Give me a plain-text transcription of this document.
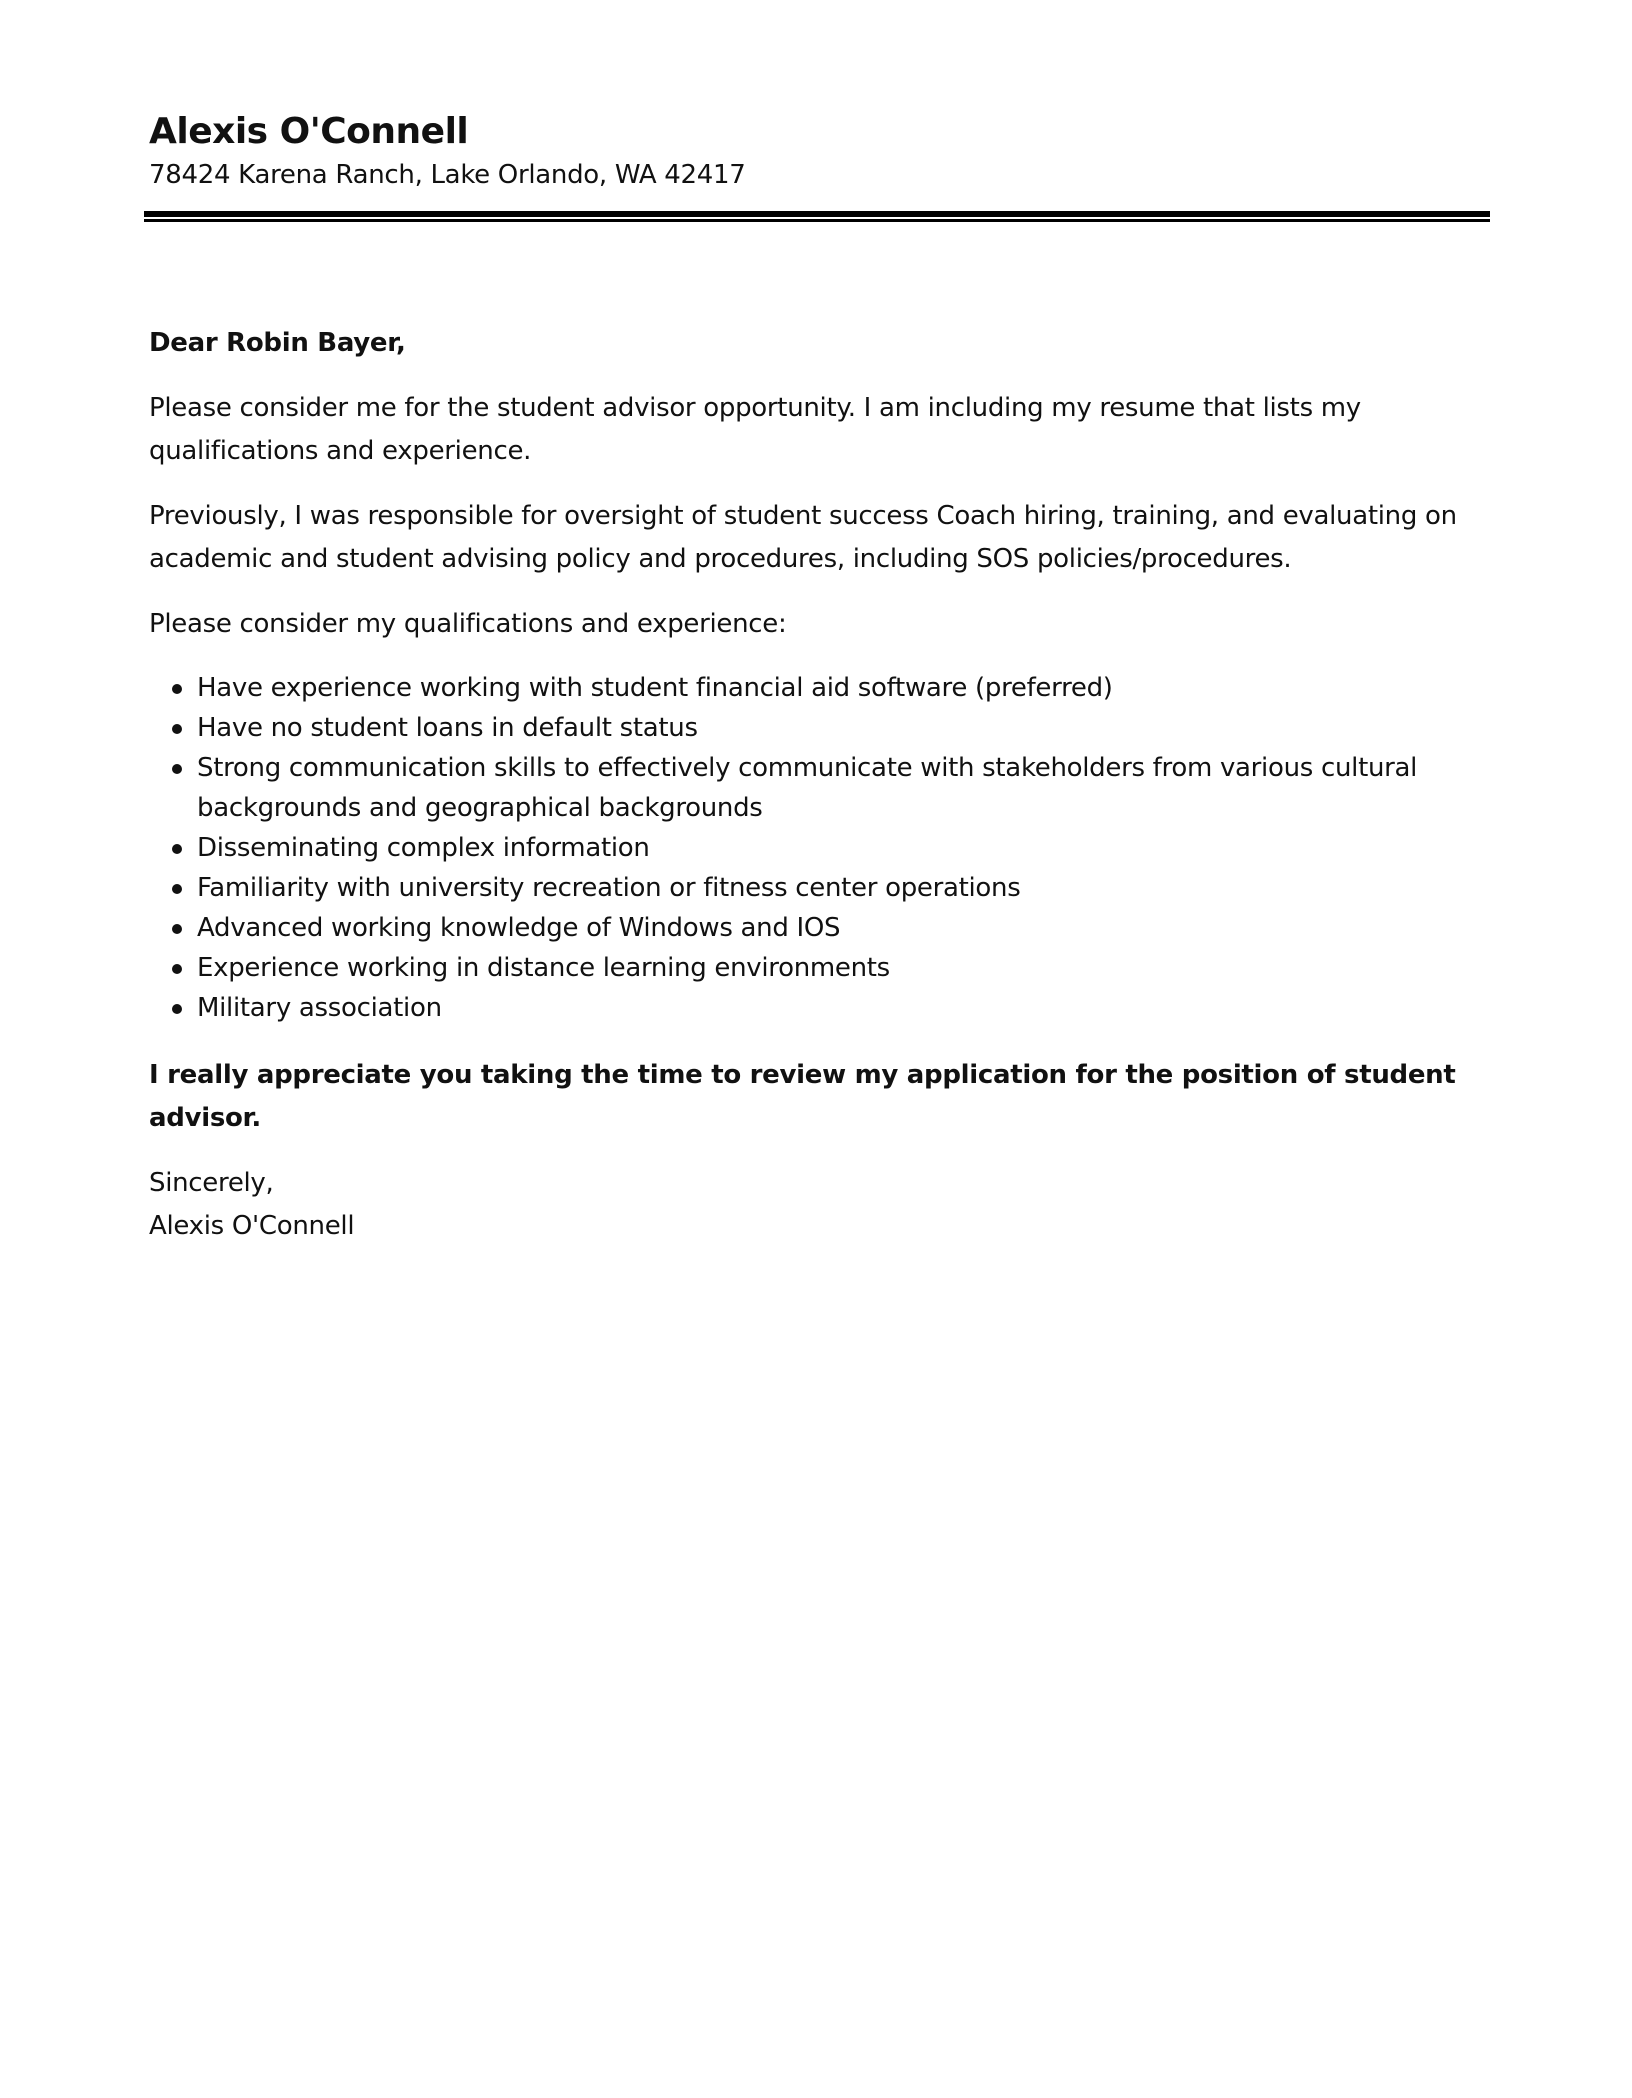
Alexis O'Connell

78424 Karena Ranch, Lake Orlando, WA 42417

Dear Robin Bayer,

Please consider me for the student advisor opportunity. I am including my resume that lists my qualifications and experience.

Previously, I was responsible for oversight of student success Coach hiring, training, and evaluating on academic and student advising policy and procedures, including SOS policies/procedures.

Please consider my qualifications and experience:

Have experience working with student financial aid software (preferred)
Have no student loans in default status
Strong communication skills to effectively communicate with stakeholders from various cultural backgrounds and geographical backgrounds
Disseminating complex information
Familiarity with university recreation or fitness center operations
Advanced working knowledge of Windows and IOS
Experience working in distance learning environments
Military association

I really appreciate you taking the time to review my application for the position of student advisor.

Sincerely,

Alexis O'Connell
